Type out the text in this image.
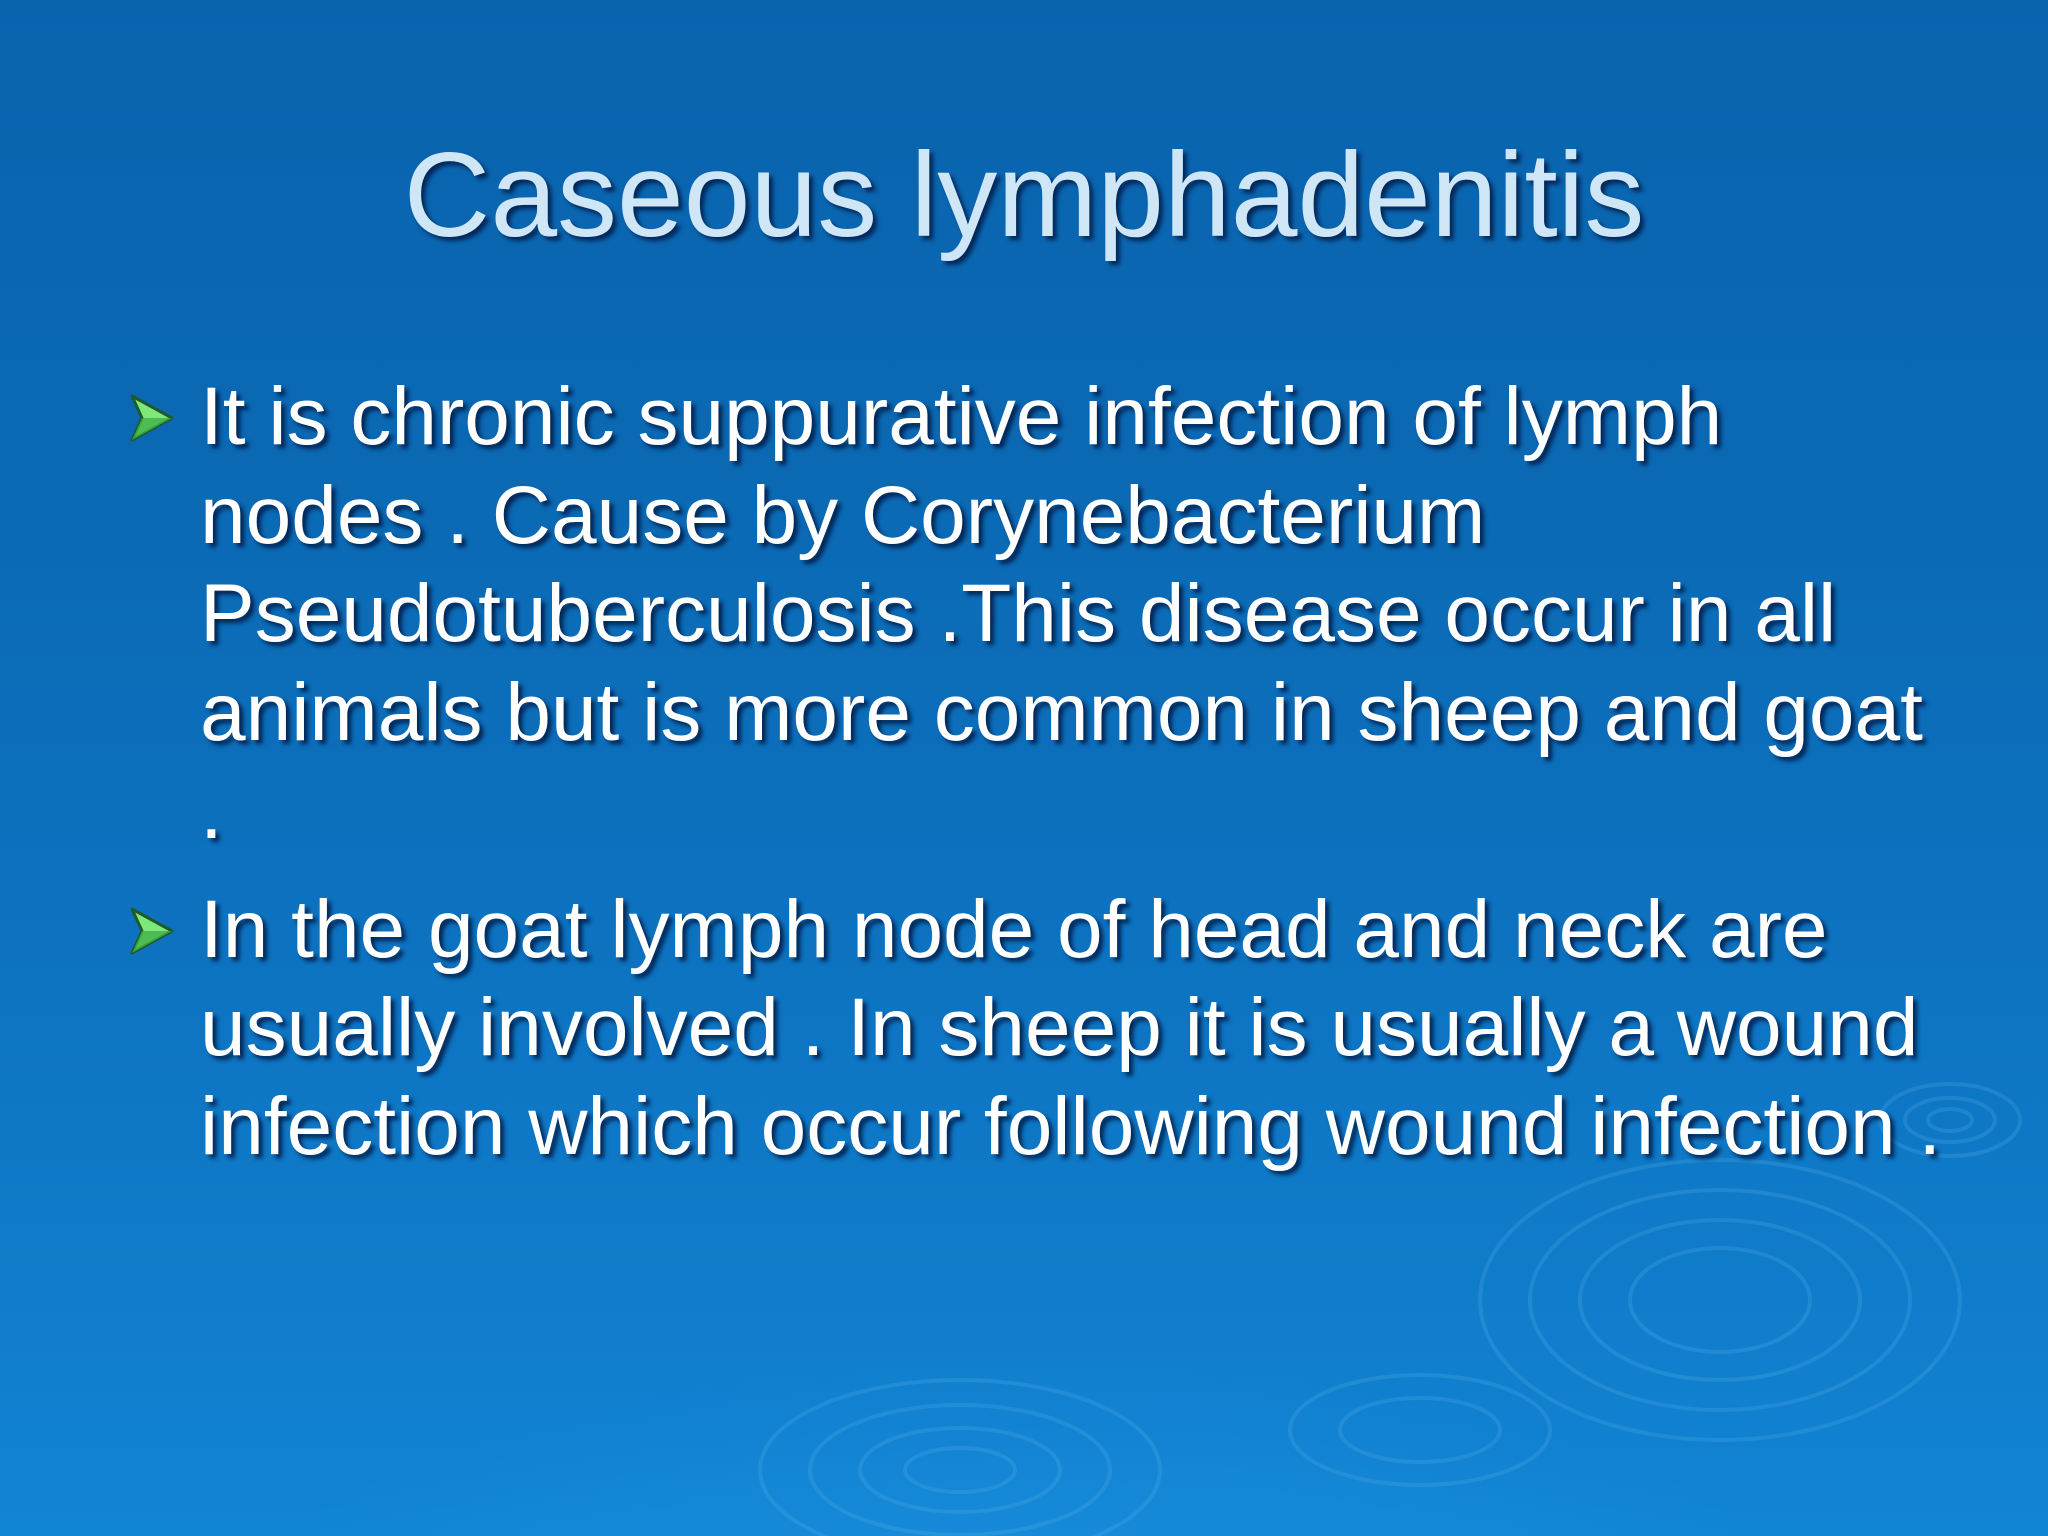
Caseous lymphadenitis
It is chronic suppurative infection of lymph nodes . Cause by Corynebacterium Pseudotuberculosis .This disease occur in all animals but is more common in sheep and goat .
In the goat lymph node of head and neck are usually involved . In sheep it is usually a wound infection which occur following wound infection .
